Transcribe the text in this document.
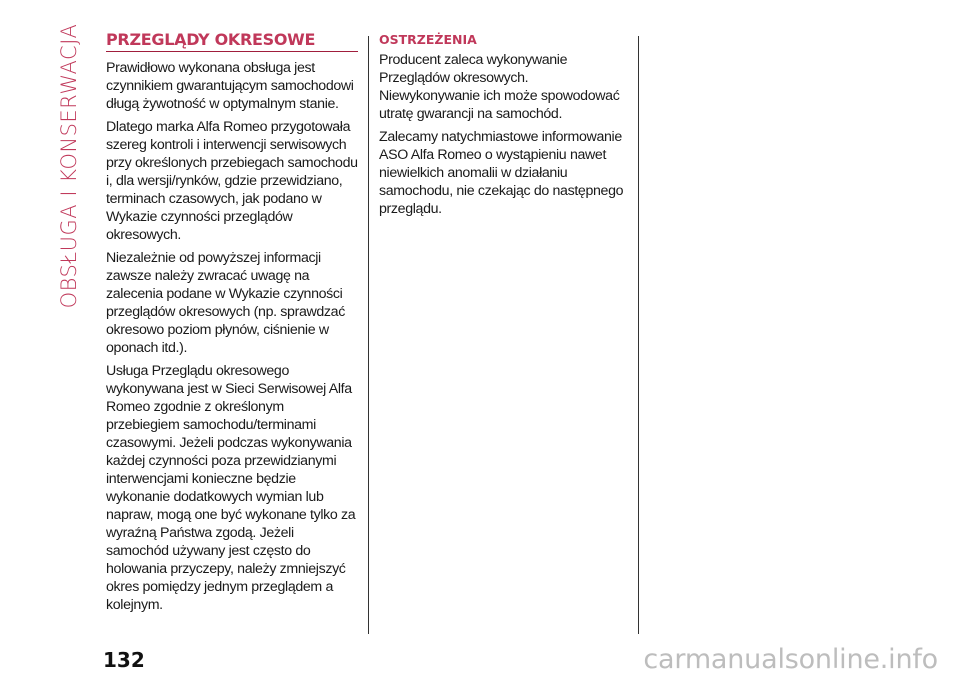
OBSŁUGA I KONSERWACJA PRZEGLĄDY OKRESOWE

Prawidłowo wykonana obsługa jest czynnikiem gwarantującym samochodowi długą żywotność w optymalnym stanie.

Dlatego marka Alfa Romeo przygotowała szereg kontroli i interwencji serwisowych przy określonych przebiegach samochodu i, dla wersji/rynków, gdzie przewidziano, terminach czasowych, jak podano w Wykazie czynności przeglądów okresowych.

Niezależnie od powyższej informacji zawsze należy zwracać uwagę na zalecenia podane w Wykazie czynności przeglądów okresowych (np. sprawdzać okresowo poziom płynów, ciśnienie w oponach itd.).

Usługa Przeglądu okresowego wykonywana jest w Sieci Serwisowej Alfa Romeo zgodnie z określonym przebiegiem samochodu/terminami czasowymi. Jeżeli podczas wykonywania każdej czynności poza przewidzianymi interwencjami konieczne będzie wykonanie dodatkowych wymian lub napraw, mogą one być wykonane tylko za wyraźną Państwa zgodą. Jeżeli samochód używany jest często do holowania przyczepy, należy zmniejszyć okres pomiędzy jednym przeglądem a kolejnym.

OSTRZEŻENIA

Producent zaleca wykonywanie Przeglądów okresowych. Niewykonywanie ich może spowodować utratę gwarancji na samochód.

Zalecamy natychmiastowe informowanie ASO Alfa Romeo o wystąpieniu nawet niewielkich anomalii w działaniu samochodu, nie czekając do następnego przeglądu.

132	carmanualsonline.info
